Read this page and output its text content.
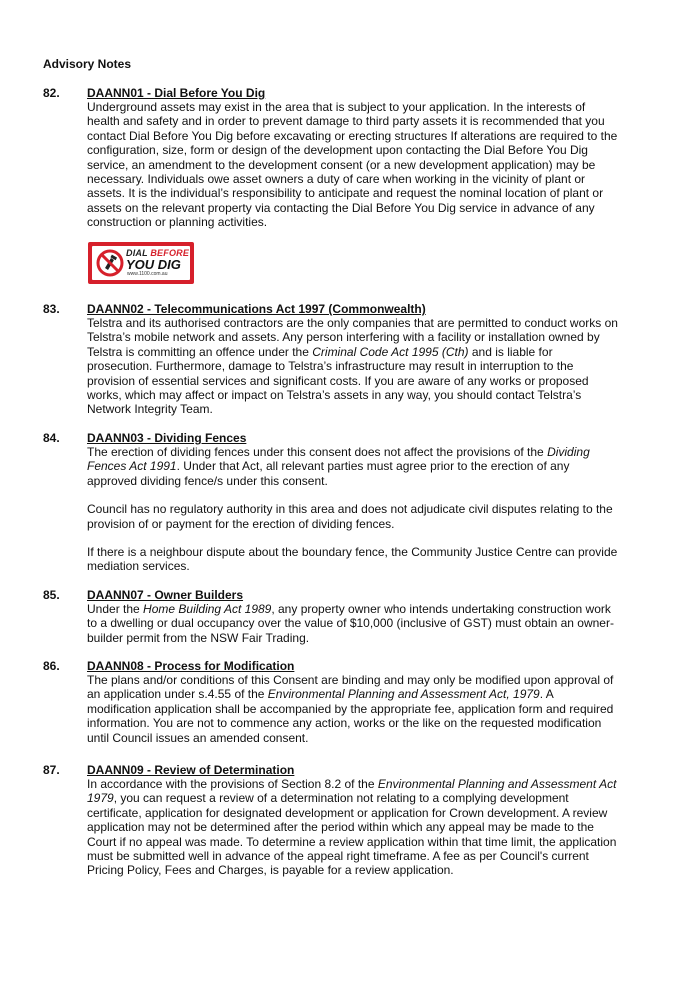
Advisory Notes
82. DAANN01 - Dial Before You Dig

Underground assets may exist in the area that is subject to your application. In the interests of
health and safety and in order to prevent damage to third party assets it is recommended that you
contact Dial Before You Dig before excavating or erecting structures If alterations are required to the
configuration, size, form or design of the development upon contacting the Dial Before You Dig
service, an amendment to the development consent (or a new development application) may be
necessary. Individuals owe asset owners a duty of care when working in the vicinity of plant or
assets. It is the individual’s responsibility to anticipate and request the nominal location of plant or
assets on the relevant property via contacting the Dial Before You Dig service in advance of any
construction or planning activities.

DIAL BEFORE
YOU DIG
www.1100.com.au
83. DAANN02 - Telecommunications Act 1997 (Commonwealth)

Telstra and its authorised contractors are the only companies that are permitted to conduct works on
Telstra’s mobile network and assets. Any person interfering with a facility or installation owned by
Telstra is committing an offence under the Criminal Code Act 1995 (Cth) and is liable for
prosecution. Furthermore, damage to Telstra’s infrastructure may result in interruption to the
provision of essential services and significant costs. If you are aware of any works or proposed
works, which may affect or impact on Telstra’s assets in any way, you should contact Telstra’s
Network Integrity Team.

84. DAANN03 - Dividing Fences

The erection of dividing fences under this consent does not affect the provisions of the Dividing
Fences Act 1991. Under that Act, all relevant parties must agree prior to the erection of any
approved dividing fence/s under this consent.

Council has no regulatory authority in this area and does not adjudicate civil disputes relating to the
provision of or payment for the erection of dividing fences.

If there is a neighbour dispute about the boundary fence, the Community Justice Centre can provide
mediation services.

85. DAANN07 - Owner Builders

Under the Home Building Act 1989, any property owner who intends undertaking construction work
to a dwelling or dual occupancy over the value of $10,000 (inclusive of GST) must obtain an owner-
builder permit from the NSW Fair Trading.

86. DAANN08 - Process for Modification

The plans and/or conditions of this Consent are binding and may only be modified upon approval of
an application under s.4.55 of the Environmental Planning and Assessment Act, 1979. A
modification application shall be accompanied by the appropriate fee, application form and required
information. You are not to commence any action, works or the like on the requested modification
until Council issues an amended consent.

87. DAANN09 - Review of Determination

In accordance with the provisions of Section 8.2 of the Environmental Planning and Assessment Act
1979, you can request a review of a determination not relating to a complying development
certificate, application for designated development or application for Crown development. A review
application may not be determined after the period within which any appeal may be made to the
Court if no appeal was made. To determine a review application within that time limit, the application
must be submitted well in advance of the appeal right timeframe. A fee as per Council's current
Pricing Policy, Fees and Charges, is payable for a review application.
